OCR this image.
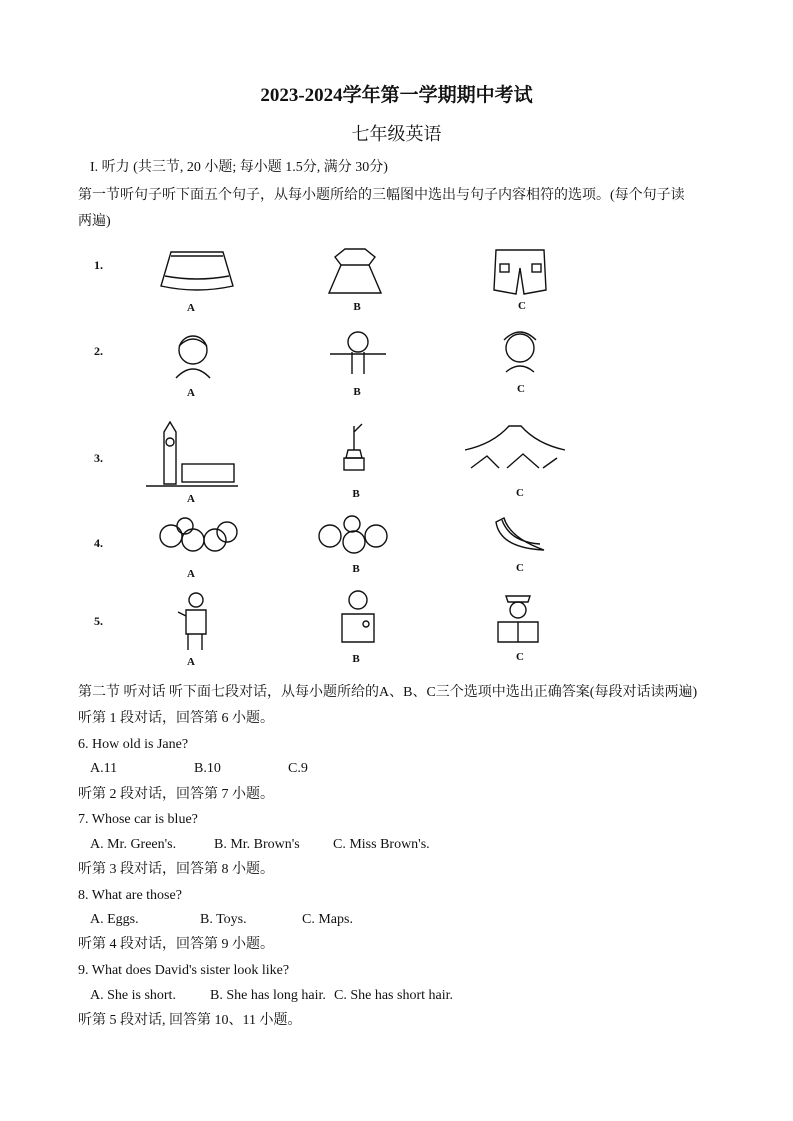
2023-2024学年第一学期期中考试
七年级英语
I. 听力 (共三节, 20 小题; 每小题 1.5分, 满分 30分)
第一节听句子听下面五个句子，从每小题所给的三幅图中选出与句子内容相符的选项。(每个句子读
两遍)
1.
A	B	C
2.
A	B	C
3.
A	B	C
4.
A	B	C
5.
A	B	C
第二节 听对话 听下面七段对话，从每小题所给的A、B、C三个选项中选出正确答案(每段对话读两遍)
听第 1 段对话，回答第 6 小题。
6. How old is Jane?
A.11	B.10	C.9
听第 2 段对话，回答第 7 小题。
7. Whose car is blue?
A. Mr. Green's.	B. Mr. Brown's C. Miss Brown's.
听第 3 段对话，回答第 8 小题。
8. What are those?
A. Eggs.	B. Toys.	C. Maps.
听第 4 段对话，回答第 9 小题。
9. What does David's sister look like?
A. She is short. B. She has long hair. C. She has short hair.
听第 5 段对话, 回答第 10、11 小题。
